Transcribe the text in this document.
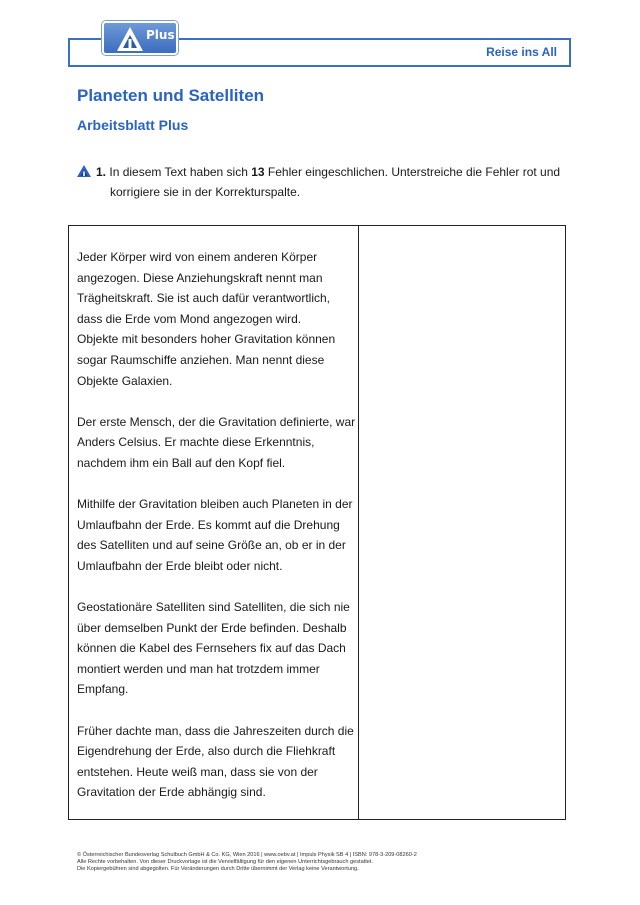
Reise ins All
Plus
Planeten und Satelliten
Arbeitsblatt Plus
1. In diesem Text haben sich 13 Fehler eingeschlichen. Unterstreiche die Fehler rot und
korrigiere sie in der Korrekturspalte.

Jeder Körper wird von einem anderen Körper
angezogen. Diese Anziehungskraft nennt man
Trägheitskraft. Sie ist auch dafür verantwortlich,
dass die Erde vom Mond angezogen wird.
Objekte mit besonders hoher Gravitation können
sogar Raumschiffe anziehen. Man nennt diese
Objekte Galaxien.

Der erste Mensch, der die Gravitation definierte, war
Anders Celsius. Er machte diese Erkenntnis,
nachdem ihm ein Ball auf den Kopf fiel.

Mithilfe der Gravitation bleiben auch Planeten in der
Umlaufbahn der Erde. Es kommt auf die Drehung
des Satelliten und auf seine Größe an, ob er in der
Umlaufbahn der Erde bleibt oder nicht.

Geostationäre Satelliten sind Satelliten, die sich nie
über demselben Punkt der Erde befinden. Deshalb
können die Kabel des Fernsehers fix auf das Dach
montiert werden und man hat trotzdem immer
Empfang.

Früher dachte man, dass die Jahreszeiten durch die
Eigendrehung der Erde, also durch die Fliehkraft
entstehen. Heute weiß man, dass sie von der
Gravitation der Erde abhängig sind.

© Österreichischer Bundesverlag Schulbuch GmbH & Co. KG, Wien 2016 | www.oebv.at | Impuls Physik SB 4 | ISBN: 978-3-209-08260-2
Alle Rechte vorbehalten. Von dieser Druckvorlage ist die Vervielfältigung für den eigenen Unterrichtsgebrauch gestattet.
Die Kopiergebühren sind abgegolten. Für Veränderungen durch Dritte übernimmt der Verlag keine Verantwortung.
